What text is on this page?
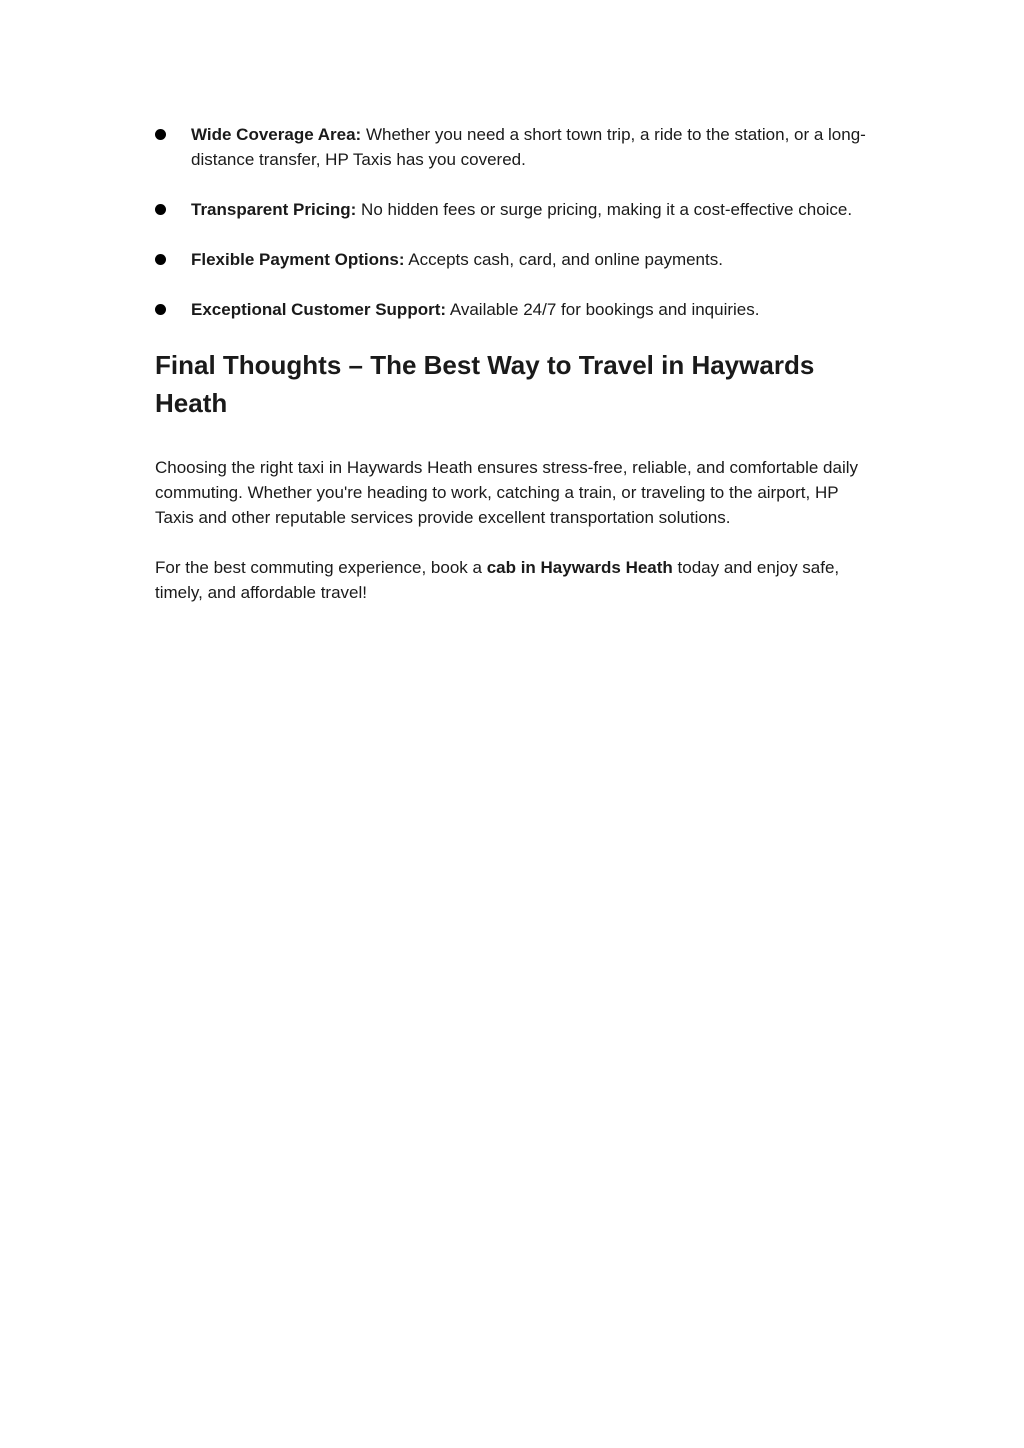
Wide Coverage Area: Whether you need a short town trip, a ride to the station, or a long-distance transfer, HP Taxis has you covered.
Transparent Pricing: No hidden fees or surge pricing, making it a cost-effective choice.
Flexible Payment Options: Accepts cash, card, and online payments.
Exceptional Customer Support: Available 24/7 for bookings and inquiries.
Final Thoughts – The Best Way to Travel in Haywards Heath

Choosing the right taxi in Haywards Heath ensures stress-free, reliable, and comfortable daily commuting. Whether you're heading to work, catching a train, or traveling to the airport, HP Taxis and other reputable services provide excellent transportation solutions.

For the best commuting experience, book a cab in Haywards Heath today and enjoy safe, timely, and affordable travel!
